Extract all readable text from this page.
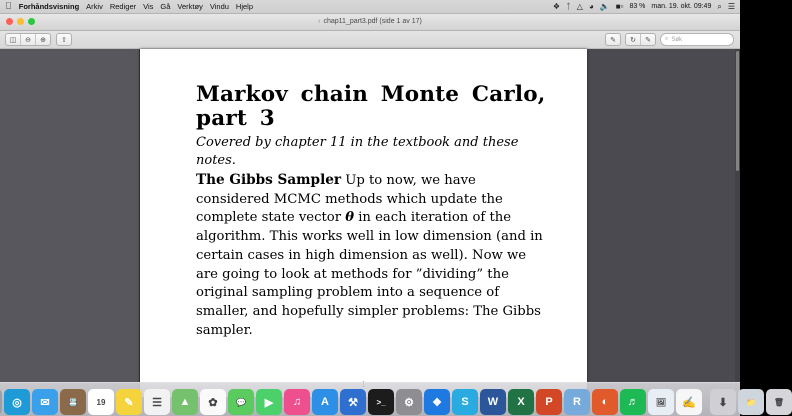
Forhåndsvisning Arkiv Rediger Vis Gå Verktøy Vindu Hjelp	❖ ᛏ △ ◕ 🔈 ■▫ 83 % man. 19. okt. 09:49 ⌕ ☰
‹ chap11_part3.pdf (side 1 av 17)
◫	⊖	⊕	⇧	✎	↻	✎	⌕ Søk
Markov chain Monte Carlo, part 3

Covered by chapter 11 in the textbook and these notes.

The Gibbs Sampler Up to now, we have considered MCMC methods which update the complete state vector θ in each iteration of the algorithm. This works well in low dimension (and in certain cases in high dimension as well). Now we are going to look at methods for ”dividing” the original sampling problem into a sequence of smaller, and hopefully simpler problems: The Gibbs sampler.

◎	✉	📇	19	✎	☰	▲	✿	💬	▶	♫	A	⚒	>_	⚙	❖	S	W	X	P	R	◐	♬	🖼	✍	⬇	📁	🗑
